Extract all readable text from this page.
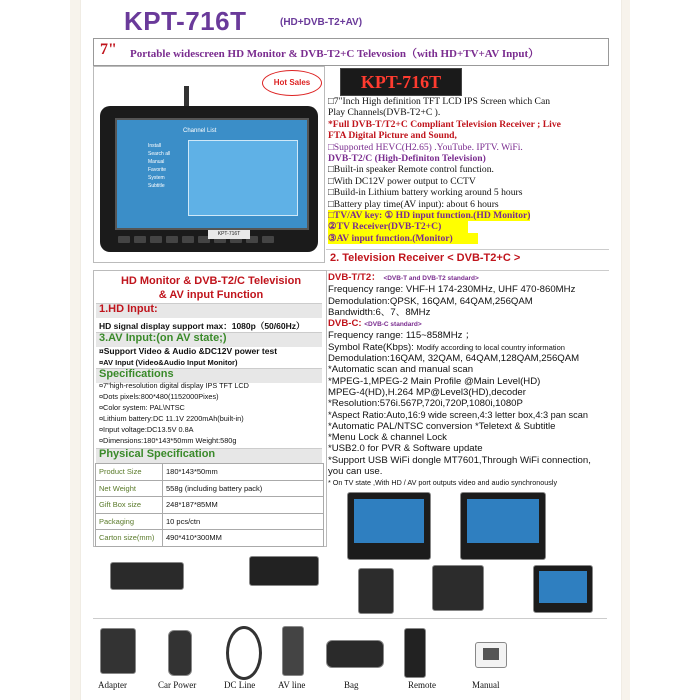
KPT-716T	(HD+DVB-T2+AV)
7" Portable widescreen HD Monitor & DVB-T2+C Televosion（with HD+TV+AV Input）
Channel List
Install
Search all
Manual
Favorite
System
Subtitle
KPT-716T
Hot Sales	KPT-716T
□7"Inch High definition TFT LCD IPS Screen which Can
Play Channels(DVB-T2+C ).
*Full DVB-T/T2+C Compliant Television Receiver ; Live
FTA Digital Picture and Sound,
□Supported HEVC(H2.65) .YouTube. IPTV. WiFi.
DVB-T2/C (High-Definiton Television)
□Built-in speaker Remote control function.
□With DC12V power output to CCTV
□Build-in Lithium battery working around 5 hours
□Battery play time(AV input): about 6 hours
□TV/AV key: ① HD input function.(HD Monitor)
②TV Receiver(DVB-T2+C)
③AV input function.(Monitor)
2. Television Receiver < DVB-T2+C >
DVB-T/T2： <DVB-T and DVB-T2 standard>
Frequency range: VHF-H 174-230MHz, UHF 470-860MHz
Demodulation:QPSK, 16QAM, 64QAM,256QAM
Bandwidth:6、7、8MHz
DVB-C: <DVB-C standard>
Frequency range: 115~858MHz ；
Symbol Rate(Kbps): Modify according to local country information
Demodulation:16QAM, 32QAM, 64QAM,128QAM,256QAM
*Automatic scan and manual scan
*MPEG-1,MPEG-2 Main Profile @Main Level(HD)
MPEG-4(HD),H.264 MP@Level3(HD),decoder
*Resolution:576i.567P,720i,720P,1080i,1080P
*Aspect Ratio:Auto,16:9 wide screen,4:3 letter box,4:3 pan scan
*Automatic PAL/NTSC conversion *Teletext & Subtitle
*Menu Lock & channel Lock
*USB2.0 for PVR & Software update
*Support USB WiFi dongle MT7601,Through WiFi connection,
you can use.
* On TV state ,With HD / AV port outputs video and audio synchronously
HD Monitor & DVB-T2/C Television
& AV input Function
1.HD Input:
HD signal display support max：1080p（50/60Hz）
3.AV Input:(on AV state;)
¤Support Video & Audio &DC12V power test
¤AV Input (Video&Audio Input Monitor)
Specifications
¤7"high-resolution digital display IPS TFT LCD
¤Dots pixels:800*480(1152000Pixes)
¤Color system: PAL\NTSC
¤Lithium battery:DC 11.1V 2200mAh(built-in)
¤Input voltage:DC13.5V 0.8A
¤Dimensions:180*143*50mm Weight:580g
Physical Specification
Product Size	180*143*50mm
Net Weight	558g (including battery pack)
Gift Box size	248*187*85MM
Packaging	10 pcs/ctn
Carton size(mm)	490*410*300MM
Adapter	Car Power	DC Line	AV line	Bag	Remote	Manual
